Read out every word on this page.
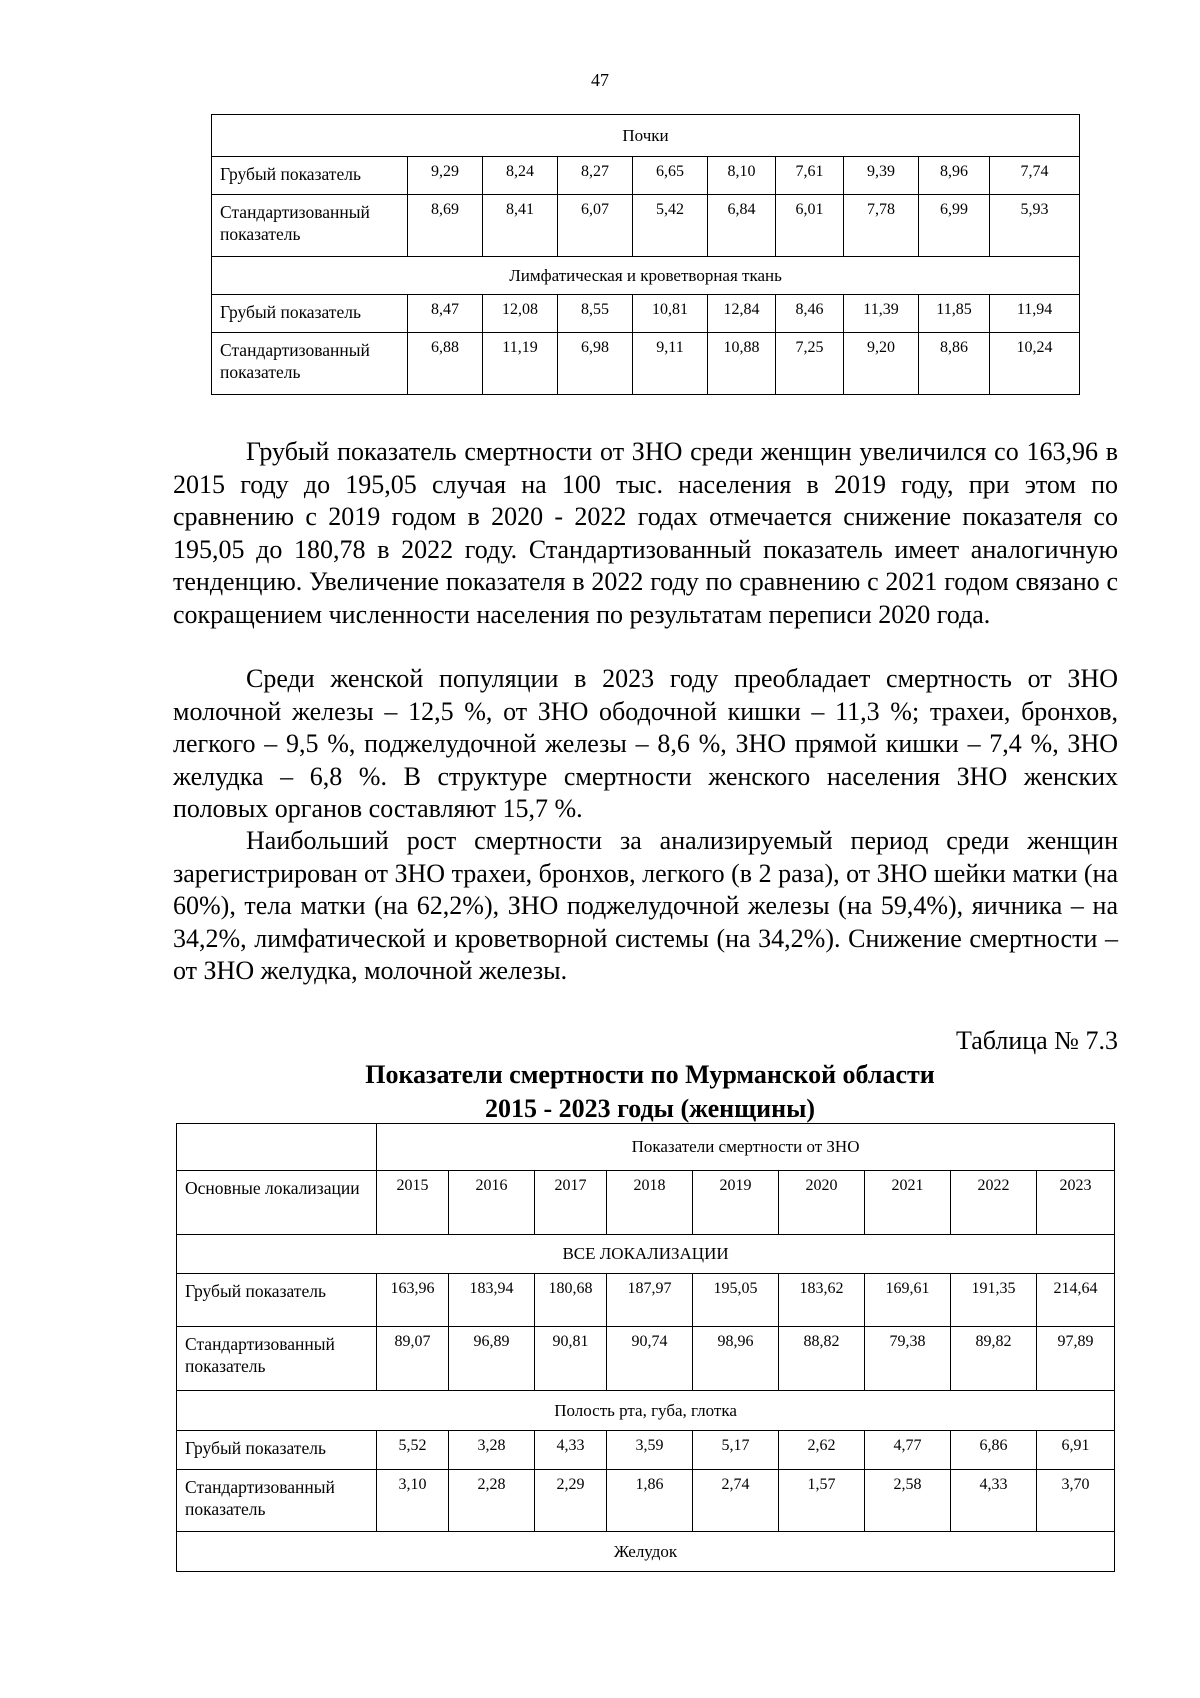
47
Почки									
Грубый показатель	9,29	8,24	8,27	6,65	8,10	7,61	9,39	8,96	7,74
Стандартизованный показатель	8,69	8,41	6,07	5,42	6,84	6,01	7,78	6,99	5,93
Лимфатическая и кроветворная ткань									
Грубый показатель	8,47	12,08	8,55	10,81	12,84	8,46	11,39	11,85	11,94
Стандартизованный показатель	6,88	11,19	6,98	9,11	10,88	7,25	9,20	8,86	10,24

Грубый показатель смертности от ЗНО среди женщин увеличился со 163,96 в 2015 году до 195,05 случая на 100 тыс. населения в 2019 году, при этом по сравнению с 2019 годом в 2020 - 2022 годах отмечается снижение показателя со 195,05 до 180,78 в 2022 году. Стандартизованный показатель имеет аналогичную тенденцию. Увеличение показателя в 2022 году по сравнению с 2021 годом связано с сокращением численности населения по результатам переписи 2020 года.

Среди женской популяции в 2023 году преобладает смертность от ЗНО молочной железы – 12,5 %, от ЗНО ободочной кишки – 11,3 %; трахеи, бронхов, легкого – 9,5 %, поджелудочной железы – 8,6 %, ЗНО прямой кишки – 7,4 %, ЗНО желудка – 6,8 %. В структуре смертности женского населения ЗНО женских половых органов составляют 15,7 %.

Наибольший рост смертности за анализируемый период среди женщин зарегистрирован от ЗНО трахеи, бронхов, легкого (в 2 раза), от ЗНО шейки матки (на 60%), тела матки (на 62,2%), ЗНО поджелудочной железы (на 59,4%), яичника – на 34,2%, лимфатической и кроветворной системы (на 34,2%). Снижение смертности – от ЗНО желудка, молочной железы.

Таблица № 7.3
Показатели смертности по Мурманской области
2015 - 2023 годы (женщины)
	Показатели смертности от ЗНО								
Основные локализации	2015	2016	2017	2018	2019	2020	2021	2022	2023
ВСЕ ЛОКАЛИЗАЦИИ									
Грубый показатель	163,96	183,94	180,68	187,97	195,05	183,62	169,61	191,35	214,64
Стандартизованный показатель	89,07	96,89	90,81	90,74	98,96	88,82	79,38	89,82	97,89
Полость рта, губа, глотка									
Грубый показатель	5,52	3,28	4,33	3,59	5,17	2,62	4,77	6,86	6,91
Стандартизованный показатель	3,10	2,28	2,29	1,86	2,74	1,57	2,58	4,33	3,70
Желудок									
